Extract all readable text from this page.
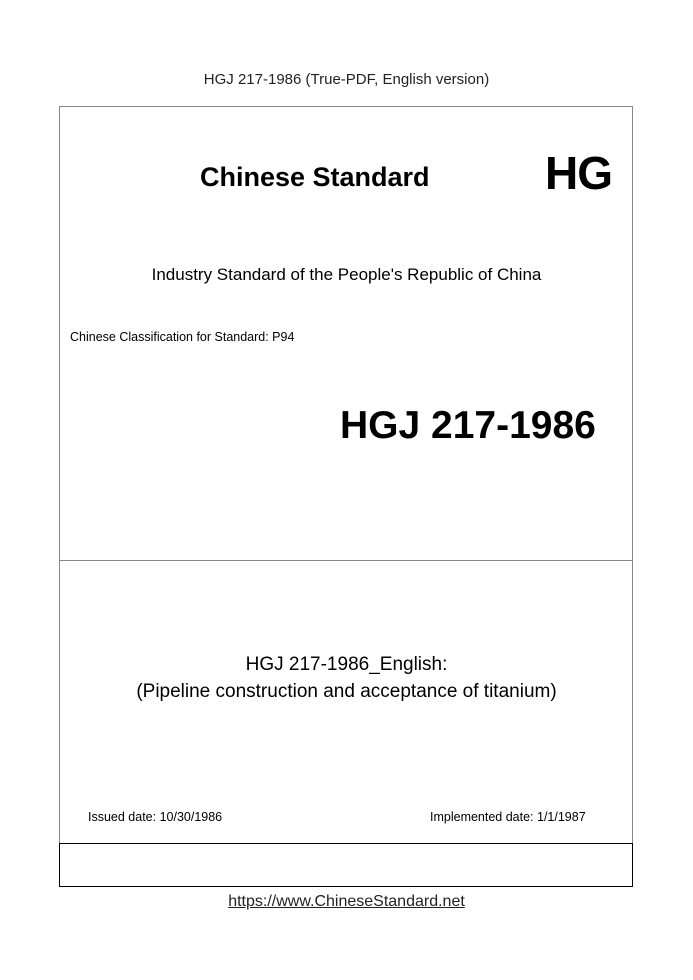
HGJ 217-1986 (True-PDF, English version)
Chinese Standard	HG
Industry Standard of the People's Republic of China
Chinese Classification for Standard: P94
HGJ 217-1986
HGJ 217-1986_English:
(Pipeline construction and acceptance of titanium)
Issued date: 10/30/1986	Implemented date: 1/1/1987
https://www.ChineseStandard.net
